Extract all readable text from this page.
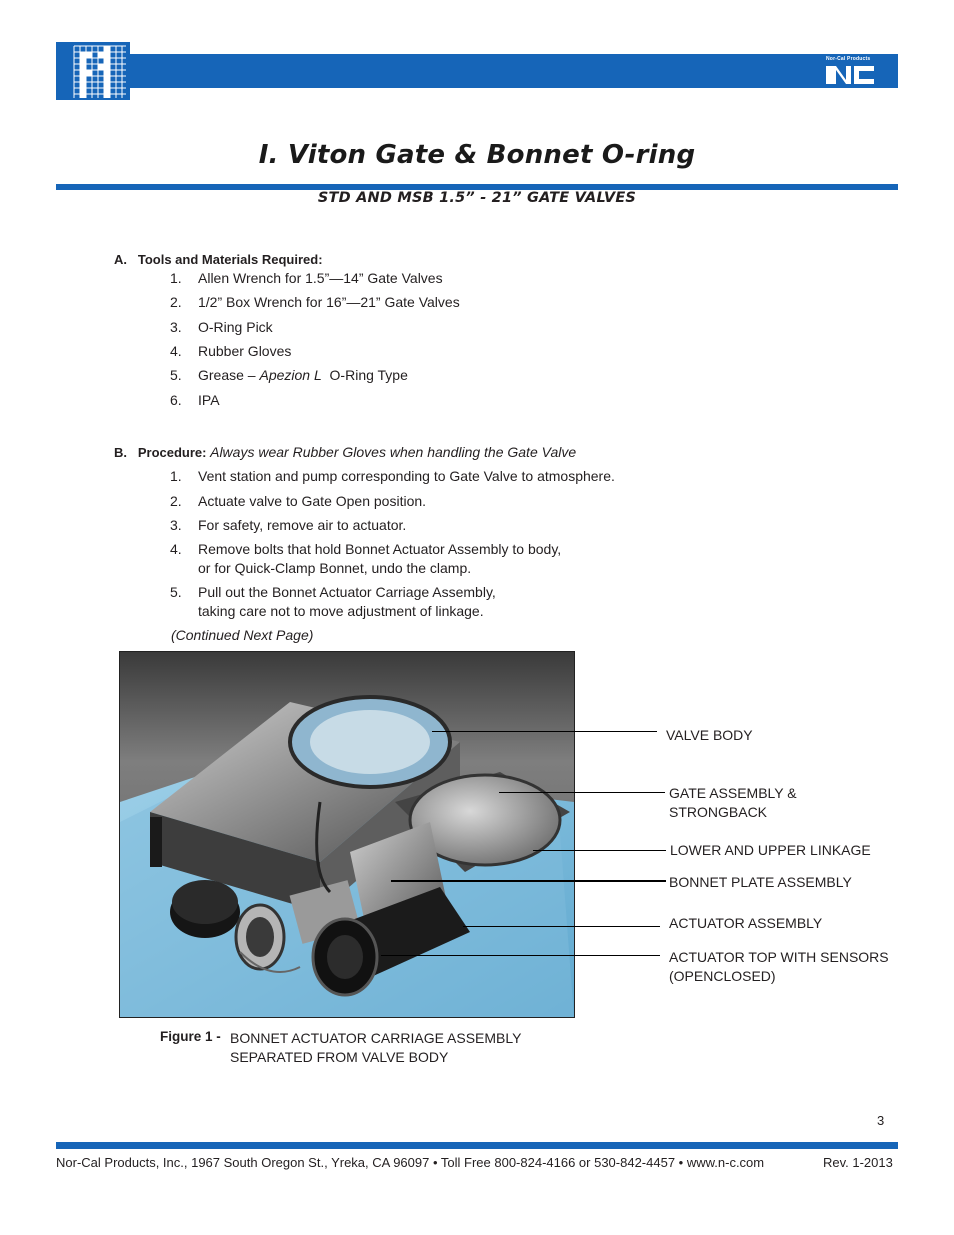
Nor-Cal Products
I. Viton Gate & Bonnet O-ring
STD AND MSB 1.5” - 21” GATE VALVES
A. Tools and Materials Required:
1. Allen Wrench for 1.5”—14” Gate Valves
2. 1/2” Box Wrench for 16”—21” Gate Valves
3. O-Ring Pick
4. Rubber Gloves
5. Grease – Apezion L  O-Ring Type
6. IPA
B. Procedure: Always wear Rubber Gloves when handling the Gate Valve
1. Vent station and pump corresponding to Gate Valve to atmosphere.
2. Actuate valve to Gate Open position.
3. For safety, remove air to actuator.
4. Remove bolts that hold Bonnet Actuator Assembly to body,
or for Quick-Clamp Bonnet, undo the clamp.
5. Pull out the Bonnet Actuator Carriage Assembly,
taking care not to move adjustment of linkage.
(Continued Next Page)
VALVE BODY
GATE ASSEMBLY &
STRONGBACK
LOWER AND UPPER LINKAGE
BONNET PLATE ASSEMBLY
ACTUATOR ASSEMBLY
ACTUATOR TOP WITH SENSORS
(OPENCLOSED)
Figure 1 - BONNET ACTUATOR CARRIAGE ASSEMBLY
SEPARATED FROM VALVE BODY
3
Nor-Cal Products, Inc., 1967 South Oregon St., Yreka, CA 96097 • Toll Free 800-824-4166 or 530-842-4457 • www.n-c.com	Rev. 1-2013
